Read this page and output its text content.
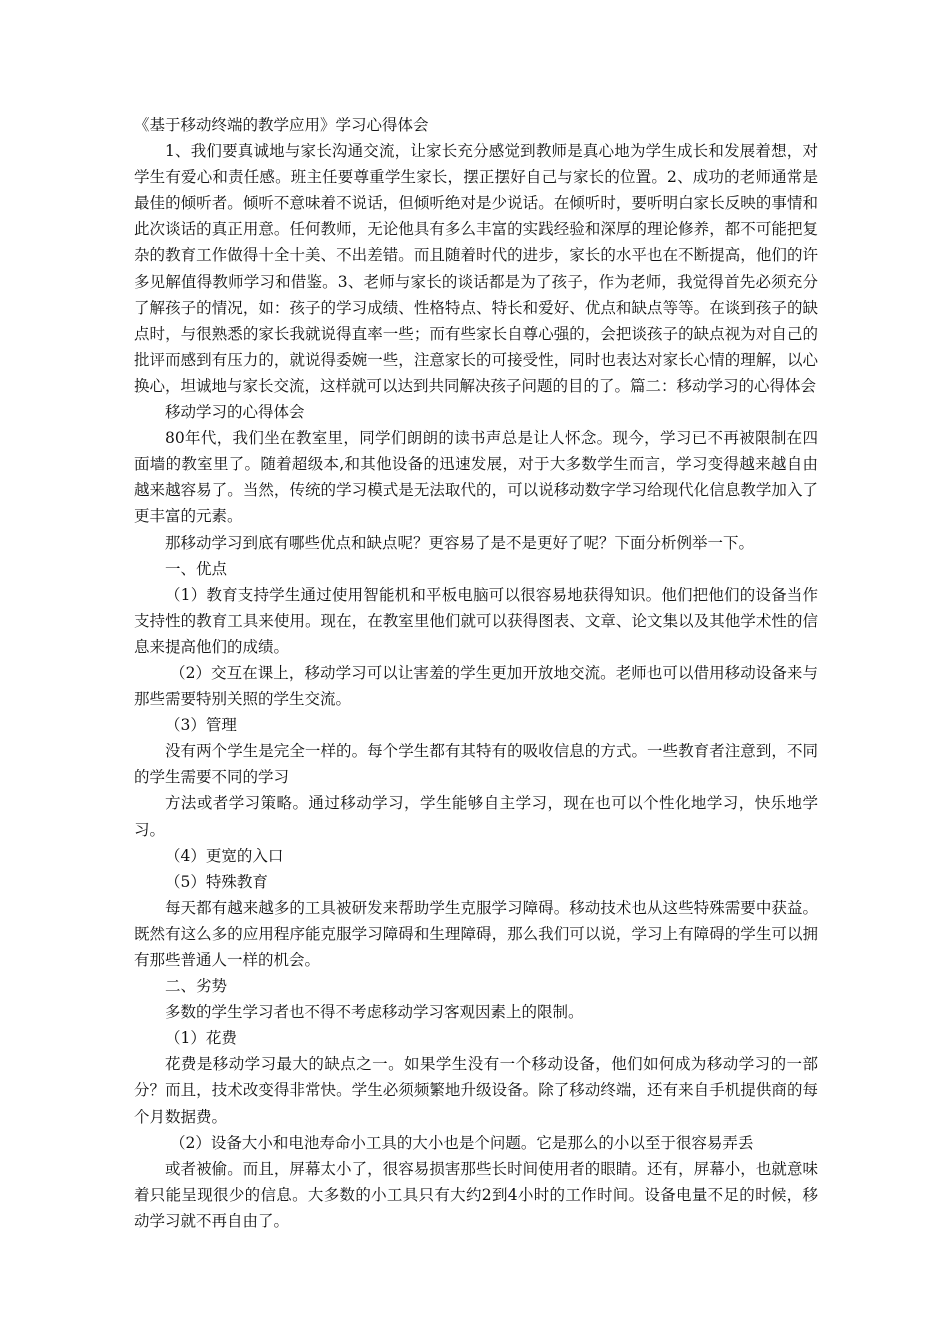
《基于移动终端的教学应用》学习心得体会

1、我们要真诚地与家长沟通交流，让家长充分感觉到教师是真心地为学生成长和发展着想，对学生有爱心和责任感。班主任要尊重学生家长，摆正摆好自己与家长的位置。2、成功的老师通常是最佳的倾听者。倾听不意味着不说话，但倾听绝对是少说话。在倾听时，要听明白家长反映的事情和此次谈话的真正用意。任何教师，无论他具有多么丰富的实践经验和深厚的理论修养，都不可能把复杂的教育工作做得十全十美、不出差错。而且随着时代的进步，家长的水平也在不断提高，他们的许多见解值得教师学习和借鉴。3、老师与家长的谈话都是为了孩子，作为老师，我觉得首先必须充分了解孩子的情况，如：孩子的学习成绩、性格特点、特长和爱好、优点和缺点等等。在谈到孩子的缺点时，与很熟悉的家长我就说得直率一些；而有些家长自尊心强的，会把谈孩子的缺点视为对自己的批评而感到有压力的，就说得委婉一些，注意家长的可接受性，同时也表达对家长心情的理解，以心换心，坦诚地与家长交流，这样就可以达到共同解决孩子问题的目的了。篇二：移动学习的心得体会

移动学习的心得体会

80年代，我们坐在教室里，同学们朗朗的读书声总是让人怀念。现今，学习已不再被限制在四面墙的教室里了。随着超级本,和其他设备的迅速发展，对于大多数学生而言，学习变得越来越自由越来越容易了。当然，传统的学习模式是无法取代的，可以说移动数字学习给现代化信息教学加入了更丰富的元素。

那移动学习到底有哪些优点和缺点呢？更容易了是不是更好了呢？下面分析例举一下。

一、优点

（1）教育支持学生通过使用智能机和平板电脑可以很容易地获得知识。他们把他们的设备当作支持性的教育工具来使用。现在，在教室里他们就可以获得图表、文章、论文集以及其他学术性的信息来提高他们的成绩。

（2）交互在课上，移动学习可以让害羞的学生更加开放地交流。老师也可以借用移动设备来与那些需要特别关照的学生交流。

（3）管理

没有两个学生是完全一样的。每个学生都有其特有的吸收信息的方式。一些教育者注意到，不同的学生需要不同的学习

方法或者学习策略。通过移动学习，学生能够自主学习，现在也可以个性化地学习，快乐地学习。

（4）更宽的入口

（5）特殊教育

每天都有越来越多的工具被研发来帮助学生克服学习障碍。移动技术也从这些特殊需要中获益。既然有这么多的应用程序能克服学习障碍和生理障碍，那么我们可以说，学习上有障碍的学生可以拥有那些普通人一样的机会。

二、劣势

多数的学生学习者也不得不考虑移动学习客观因素上的限制。

（1）花费

花费是移动学习最大的缺点之一。如果学生没有一个移动设备，他们如何成为移动学习的一部分？而且，技术改变得非常快。学生必须频繁地升级设备。除了移动终端，还有来自手机提供商的每个月数据费。

（2）设备大小和电池寿命小工具的大小也是个问题。它是那么的小以至于很容易弄丢

或者被偷。而且，屏幕太小了，很容易损害那些长时间使用者的眼睛。还有，屏幕小，也就意味着只能呈现很少的信息。大多数的小工具只有大约2到4小时的工作时间。设备电量不足的时候，移动学习就不再自由了。
